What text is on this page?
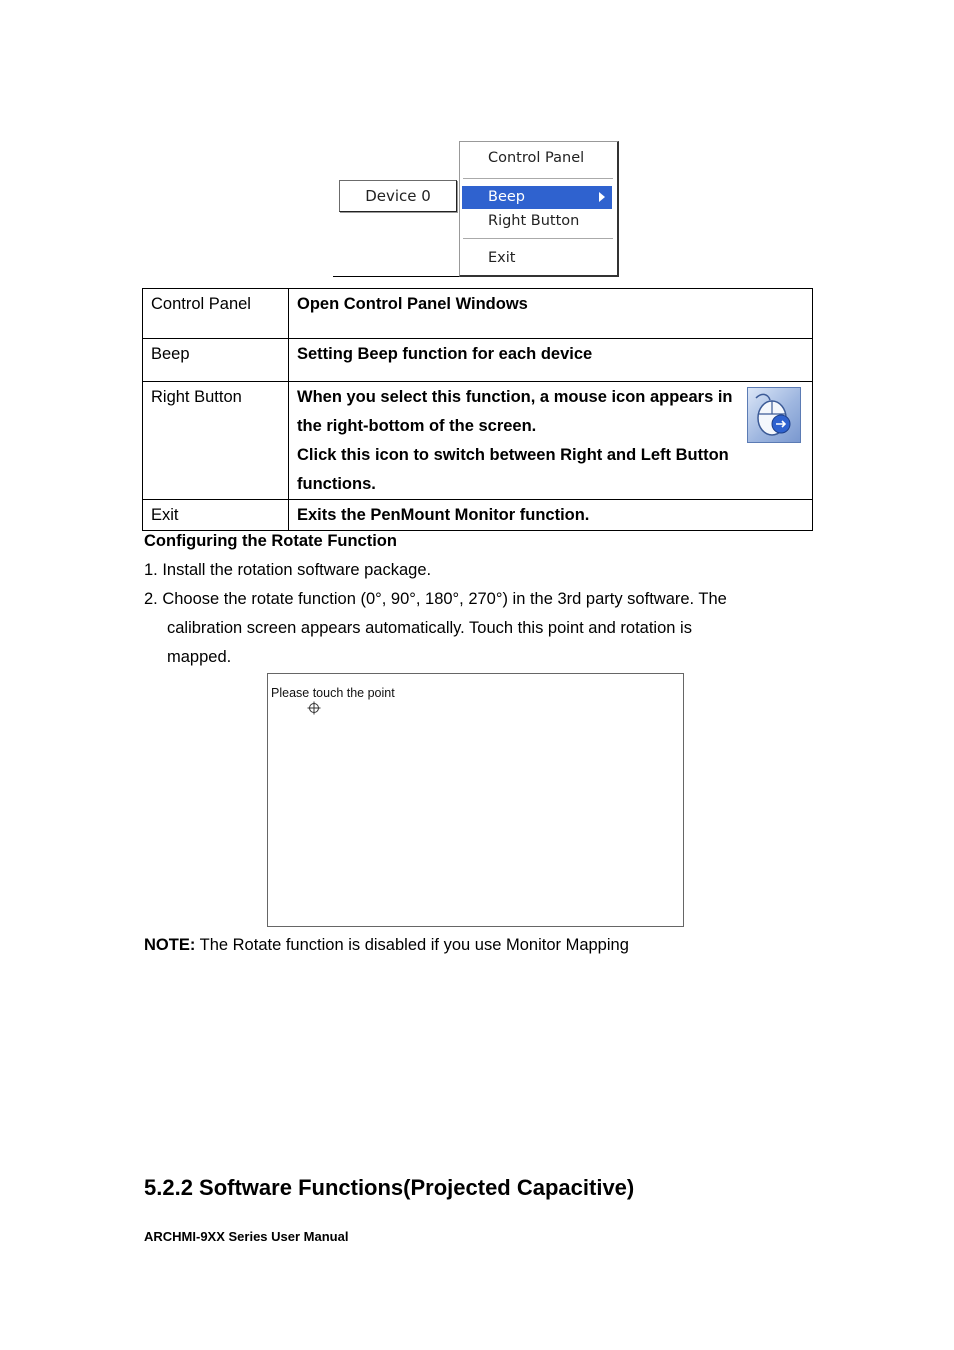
Device 0
Control Panel
Beep
Right Button
Exit
Control Panel	Open Control Panel Windows
Beep	Setting Beep function for each device
Right Button	When you select this function, a mouse icon appears in
the right-bottom of the screen.
Click this icon to switch between Right and Left Button
functions.

Exit	Exits the PenMount Monitor function.
Configuring the Rotate Function
1. Install the rotation software package.
2. Choose the rotate function (0°, 90°, 180°, 270°) in the 3rd party software. The
calibration screen appears automatically. Touch this point and rotation is
mapped.
Please touch the point
NOTE: The Rotate function is disabled if you use Monitor Mapping
5.2.2 Software Functions(Projected Capacitive)
ARCHMI-9XX Series User Manual
